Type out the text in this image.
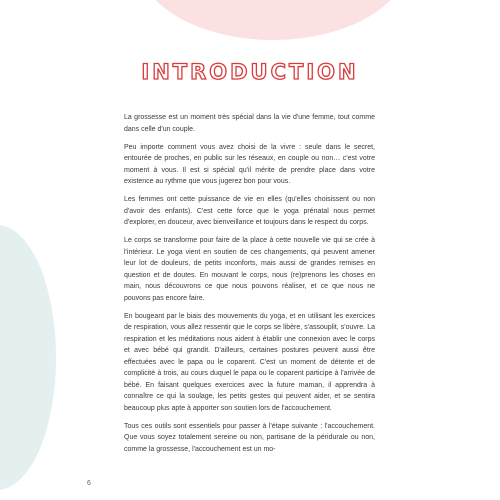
INTRODUCTION

La grossesse est un moment très spécial dans la vie d'une femme, tout comme dans celle d'un couple.

Peu importe comment vous avez choisi de la vivre : seule dans le secret, entourée de proches, en public sur les réseaux, en couple ou non… c'est votre moment à vous. Il est si spécial qu'il mérite de prendre place dans votre existence au rythme que vous jugerez bon pour vous.

Les femmes ont cette puissance de vie en elles (qu'elles choisissent ou non d'avoir des enfants). C'est cette force que le yoga prénatal nous permet d'explorer, en douceur, avec bienveillance et toujours dans le respect du corps.

Le corps se transforme pour faire de la place à cette nouvelle vie qui se crée à l'intérieur. Le yoga vient en soutien de ces changements, qui peuvent amener leur lot de douleurs, de petits inconforts, mais aussi de grandes remises en question et de doutes. En mouvant le corps, nous (re)prenons les choses en main, nous découvrons ce que nous pouvons réaliser, et ce que nous ne pouvons pas encore faire.

En bougeant par le biais des mouvements du yoga, et en utilisant les exercices de respiration, vous allez ressentir que le corps se libère, s'assouplit, s'ouvre. La respiration et les méditations nous aident à établir une connexion avec le corps et avec bébé qui grandit. D'ailleurs, certaines postures peuvent aussi être effectuées avec le papa ou le coparent. C'est un moment de détente et de complicité à trois, au cours duquel le papa ou le coparent participe à l'arrivée de bébé. En faisant quelques exercices avec la future maman, il apprendra à connaître ce qui la soulage, les petits gestes qui peuvent aider, et se sentira beaucoup plus apte à apporter son soutien lors de l'accouchement.

Tous ces outils sont essentiels pour passer à l'étape suivante : l'accouchement. Que vous soyez totalement sereine ou non, partisane de la péridurale ou non, comme la grossesse, l'accouchement est un mo-

6
